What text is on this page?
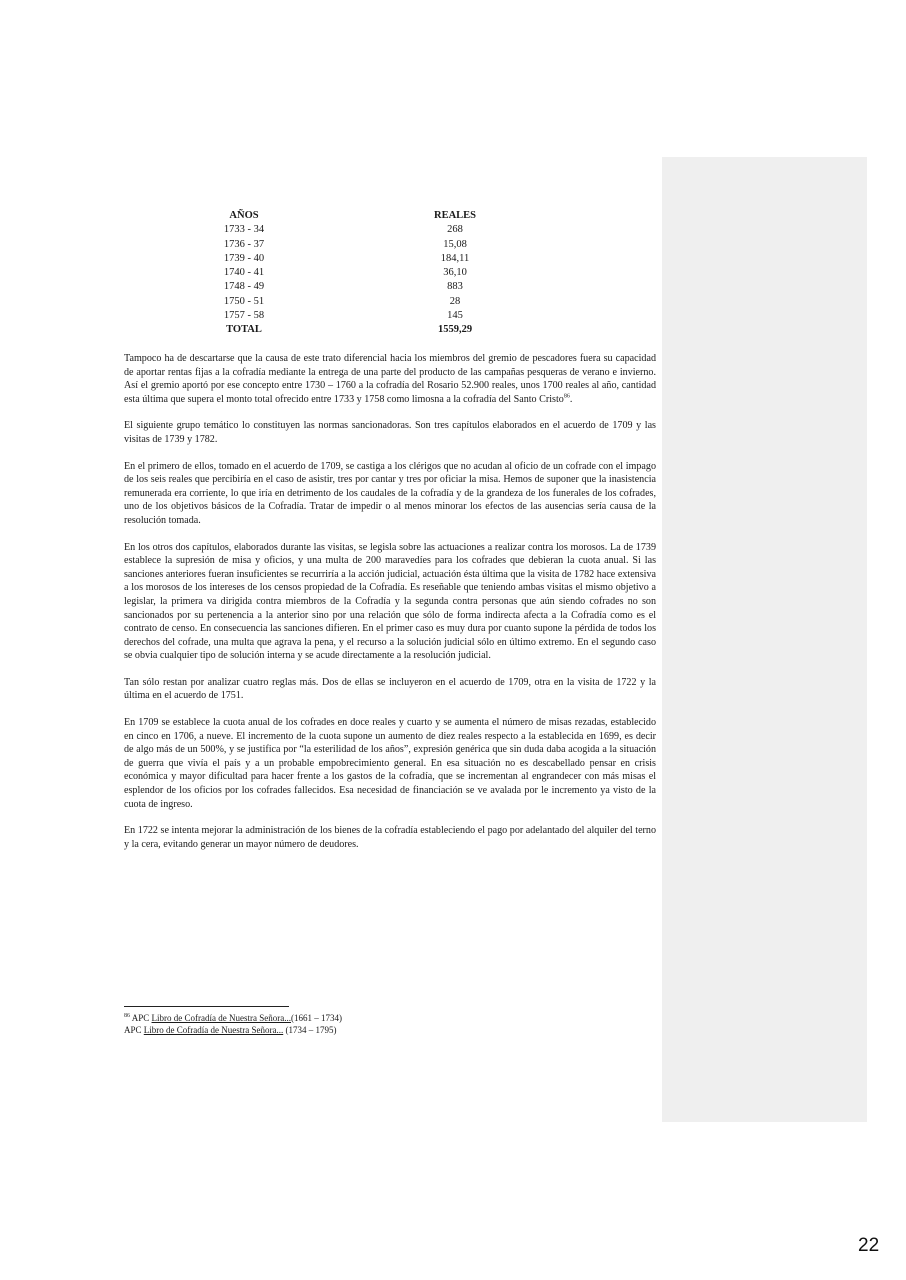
AÑOS	REALES
1733 - 34	268
1736 - 37	15,08
1739 - 40	184,11
1740 - 41	36,10
1748 - 49	883
1750 - 51	28
1757 - 58	145
TOTAL	1559,29

Tampoco ha de descartarse que la causa de este trato diferencial hacia los miembros del gremio de pescadores fuera su capacidad de aportar rentas fijas a la cofradía mediante la entrega de una parte del producto de las campañas pesqueras de verano e invierno. Así el gremio aportó por ese concepto entre 1730 – 1760 a la cofradía del Rosario 52.900 reales, unos 1700 reales al año, cantidad esta última que supera el monto total ofrecido entre 1733 y 1758 como limosna a la cofradía del Santo Cristo$^{86}$.

El siguiente grupo temático lo constituyen las normas sancionadoras. Son tres capítulos elaborados en el acuerdo de 1709 y las visitas de 1739 y 1782.

En el primero de ellos, tomado en el acuerdo de 1709, se castiga a los clérigos que no acudan al oficio de un cofrade con el impago de los seis reales que percibiría en el caso de asistir, tres por cantar y tres por oficiar la misa. Hemos de suponer que la inasistencia remunerada era corriente, lo que iría en detrimento de los caudales de la cofradía y de la grandeza de los funerales de los cofrades, uno de los objetivos básicos de la Cofradía. Tratar de impedir o al menos minorar los efectos de las ausencias sería causa de la resolución tomada.

En los otros dos capítulos, elaborados durante las visitas, se legisla sobre las actuaciones a realizar contra los morosos. La de 1739 establece la supresión de misa y oficios, y una multa de 200 maravedíes para los cofrades que debieran la cuota anual. Si las sanciones anteriores fueran insuficientes se recurriría a la acción judicial, actuación ésta última que la visita de 1782 hace extensiva a los morosos de los intereses de los censos propiedad de la Cofradía. Es reseñable que teniendo ambas visitas el mismo objetivo a legislar, la primera va dirigida contra miembros de la Cofradía y la segunda contra personas que aún siendo cofrades no son sancionados por su pertenencia a la anterior sino por una relación que sólo de forma indirecta afecta a la Cofradía como es el contrato de censo. En consecuencia las sanciones difieren. En el primer caso es muy dura por cuanto supone la pérdida de todos los derechos del cofrade, una multa que agrava la pena, y el recurso a la solución judicial sólo en último extremo. En el segundo caso se obvia cualquier tipo de solución interna y se acude directamente a la resolución judicial.

Tan sólo restan por analizar cuatro reglas más. Dos de ellas se incluyeron en el acuerdo de 1709, otra en la visita de 1722 y la última en el acuerdo de 1751.

En 1709 se establece la cuota anual de los cofrades en doce reales y cuarto y se aumenta el número de misas rezadas, establecido en cinco en 1706, a nueve. El incremento de la cuota supone un aumento de diez reales respecto a la establecida en 1699, es decir de algo más de un 500%, y se justifica por “la esterilidad de los años”, expresión genérica que sin duda daba acogida a la situación de guerra que vivía el país y a un probable empobrecimiento general. En esa situación no es descabellado pensar en crisis económica y mayor dificultad para hacer frente a los gastos de la cofradía, que se incrementan al engrandecer con más misas el esplendor de los oficios por los cofrades fallecidos. Esa necesidad de financiación se ve avalada por le incremento ya visto de la cuota de ingreso.

En 1722 se intenta mejorar la administración de los bienes de la cofradía estableciendo el pago por adelantado del alquiler del terno y la cera, evitando generar un mayor número de deudores.

$^{86}$ APC Libro de Cofradía de Nuestra Señora...(1661 – 1734)
APC Libro de Cofradía de Nuestra Señora... (1734 – 1795)
22
